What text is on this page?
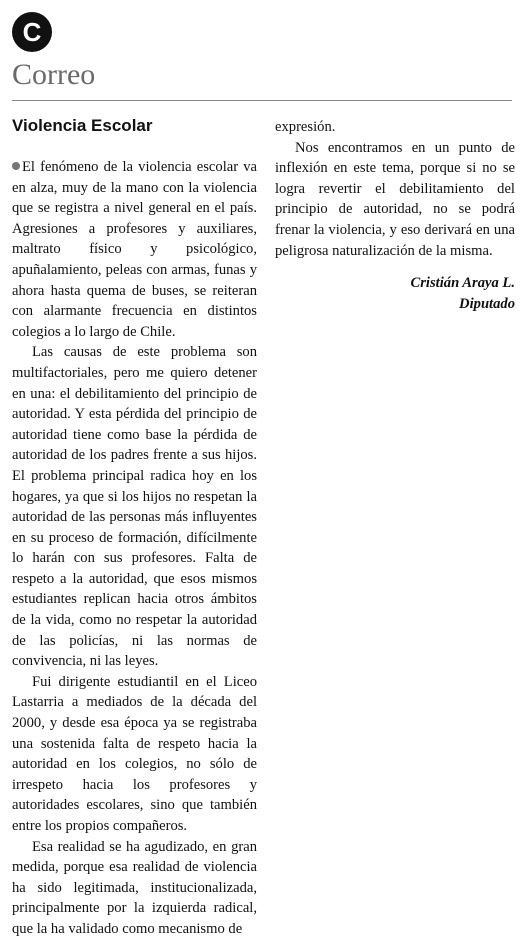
C
Correo
Violencia Escolar

El fenómeno de la violencia escolar va en alza, muy de la mano con la violencia que se registra a nivel general en el país. Agresiones a profesores y auxiliares, maltrato físico y psicológico, apuñalamiento, peleas con armas, funas y ahora hasta quema de buses, se reiteran con alarmante frecuencia en distintos colegios a lo largo de Chile.

Las causas de este problema son multifactoriales, pero me quiero detener en una: el debilitamiento del principio de autoridad. Y esta pérdida del principio de autoridad tiene como base la pérdida de autoridad de los padres frente a sus hijos. El problema principal radica hoy en los hogares, ya que si los hijos no respetan la autoridad de las personas más influyentes en su proceso de formación, difícilmente lo harán con sus profesores. Falta de respeto a la autoridad, que esos mismos estudiantes replican hacia otros ámbitos de la vida, como no respetar la autoridad de las policías, ni las normas de convivencia, ni las leyes.

Fui dirigente estudiantil en el Liceo Lastarria a mediados de la década del 2000, y desde esa época ya se registraba una sostenida falta de respeto hacia la autoridad en los colegios, no sólo de irrespeto hacia los profesores y autoridades escolares, sino que también entre los propios compañeros.

Esa realidad se ha agudizado, en gran medida, porque esa realidad de violencia ha sido legitimada, institucionalizada, principalmente por la izquierda radical, que la ha validado como mecanismo de

expresión.

Nos encontramos en un punto de inflexión en este tema, porque si no se logra revertir el debilitamiento del principio de autoridad, no se podrá frenar la violencia, y eso derivará en una peligrosa naturalización de la misma.

Cristián Araya L.
Diputado
